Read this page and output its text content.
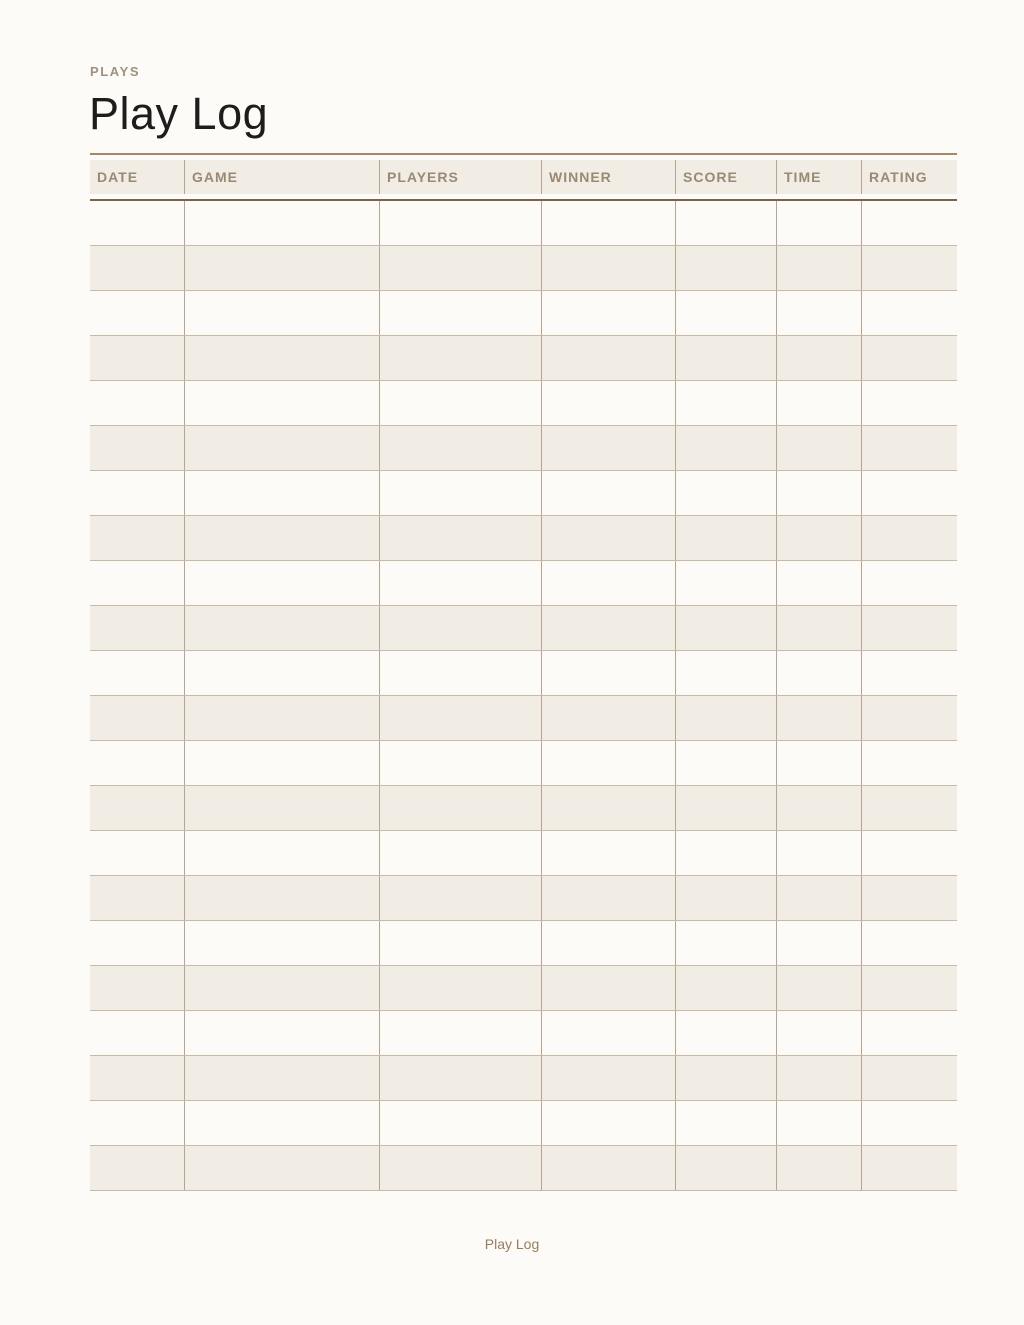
PLAYS
Play Log
DATE	GAME	PLAYERS	WINNER	SCORE	TIME	RATING
Play Log
